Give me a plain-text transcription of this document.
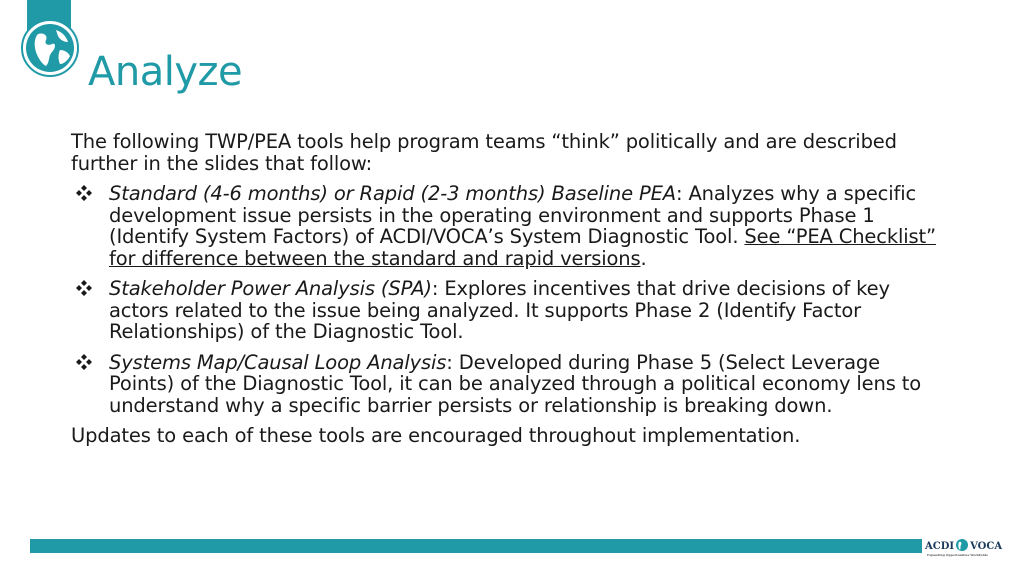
Analyze

The following TWP/PEA tools help program teams “think” politically and are described further in the slides that follow:

Standard (4-6 months) or Rapid (2-3 months) Baseline PEA: Analyzes why a specific development issue persists in the operating environment and supports Phase 1 (Identify System Factors) of ACDI/VOCA’s System Diagnostic Tool. See “PEA Checklist” for difference between the standard and rapid versions.
Stakeholder Power Analysis (SPA): Explores incentives that drive decisions of key actors related to the issue being analyzed. It supports Phase 2 (Identify Factor Relationships) of the Diagnostic Tool.
Systems Map/Causal Loop Analysis: Developed during Phase 5 (Select Leverage Points) of the Diagnostic Tool, it can be analyzed through a political economy lens to understand why a specific barrier persists or relationship is breaking down.

Updates to each of these tools are encouraged throughout implementation.

ACDI VOCA
Expanding Opportunities Worldwide
